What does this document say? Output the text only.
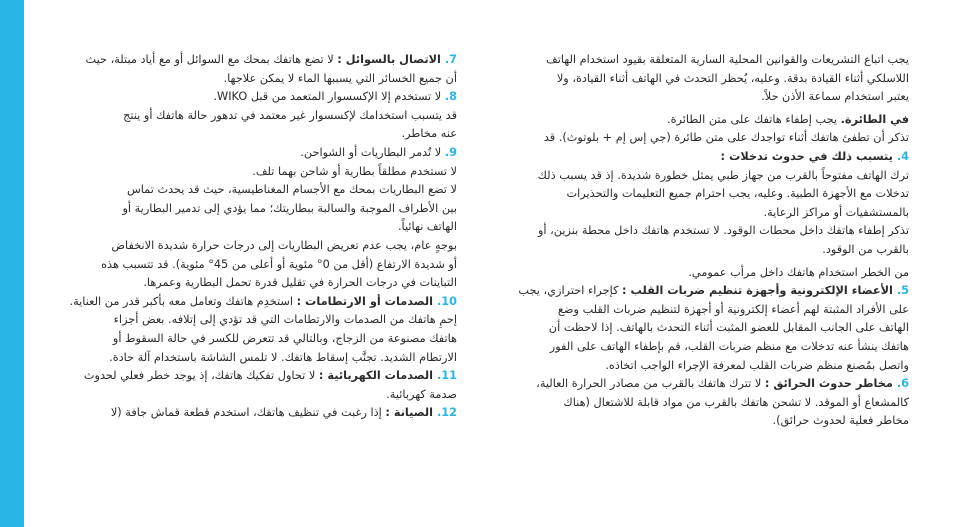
يجب اتباع التشريعات والقوانين المحلية السارية المتعلقة بقيود استخدام الهاتف
اللاسلكي أثناء القيادة بدقة. وعليه، يُحظر التحدث في الهاتف أثناء القيادة، ولا
يعتبر استخدام سماعة الأذن حلاً.
في الطائرة. يجب إطفاء هاتفك على متن الطائرة.
تذكر أن تطفئ هاتفك أثناء تواجدك على متن طائرة (جي إس إم + بلوتوث). قد
4. يتسبب ذلك في حدوث تدخلات :
ترك الهاتف مفتوحاً بالقرب من جهاز طبي يمثل خطورة شديدة. إذ قد يسبب ذلك
تدخلات مع الأجهزة الطبية. وعليه، يجب احترام جميع التعليمات والتحذيرات
بالمستشفيات أو مراكز الرعاية.
تذكر إطفاء هاتفك داخل محطات الوقود. لا تستخدم هاتفك داخل محطة بنزين، أو
بالقرب من الوقود.
من الخطر استخدام هاتفك داخل مرأب عمومي.
5. الأعضاء الإلكترونية وأجهزة تنظيم ضربات القلب : كإجراء احترازي، يجب
على الأفراد المثبتة لهم أعضاء إلكترونية أو أجهزة لتنظيم ضربات القلب وضع
الهاتف على الجانب المقابل للعضو المثبت أثناء التحدث بالهاتف. إذا لاحظت أن
هاتفك ينشأ عنه تدخلات مع منظم ضربات القلب، قم بإطفاء الهاتف على الفور
واتصل بمُصنع منظم ضربات القلب لمعرفة الإجراء الواجب اتخاذه.
6. مخاطر حدوث الحرائق : لا تترك هاتفك بالقرب من مصادر الحرارة العالية،
كالمشعاع أو الموقد. لا تشحن هاتفك بالقرب من مواد قابلة للاشتعال (هناك
مخاطر فعلية لحدوث حرائق).
7. الاتصال بالسوائل : لا تضع هاتفك بمحك مع السوائل أو مع أياد مبتلة، حيث
أن جميع الخسائر التي يسببها الماء لا يمكن علاجها.
8. لا تستخدم إلا الإكسسوار المتعمد من قبل WIKO.
قد يتسبب استخدامك لإكسسوار غير معتمد في تدهور حالة هاتفك أو ينتج
عنه مخاطر.
9. لا تُدمر البطاريات أو الشواحن.
لا تستخدم مطلقاً بطارية أو شاحن بهما تلف.
لا تضع البطاريات بمحك مع الأجسام المغناطيسية، حيث قد يحدث تماس
بين الأطراف الموجبة والسالبة ببطاريتك؛ مما يؤدي إلى تدمير البطارية أو
الهاتف نهائياً.
بوجهٍ عام، يجب عدم تعريض البطاريات إلى درجات حرارة شديدة الانخفاض
أو شديدة الارتفاع (أقل من 0° مئوية أو أعلى من 45° مئوية). قد تتسبب هذه
التباينات في درجات الحرارة في تقليل قدرة تحمل البطارية وعمرها.
10. الصدمات أو الارتطامات : استخدِم هاتفك وتعامل معه بأكبر قدر من العناية.
إحمِ هاتفك من الصدمات والارتطامات التي قد تؤدي إلى إتلافه. بعض أجزاء
هاتفك مصنوعة من الزجاج، وبالتالي قد تتعرض للكسر في حالة السقوط أو
الارتطام الشديد. تجنَّب إسقاط هاتفك. لا تلمس الشاشة باستخدام آلة حادة.
11. الصدمات الكهربائية : لا تحاول تفكيك هاتفك، إذ يوجد خطر فعلي لحدوث
صدمة كهربائية.
12. الصيانة : إذا رغبت في تنظيف هاتفك، استخدم قطعة قماش جافة (لا
